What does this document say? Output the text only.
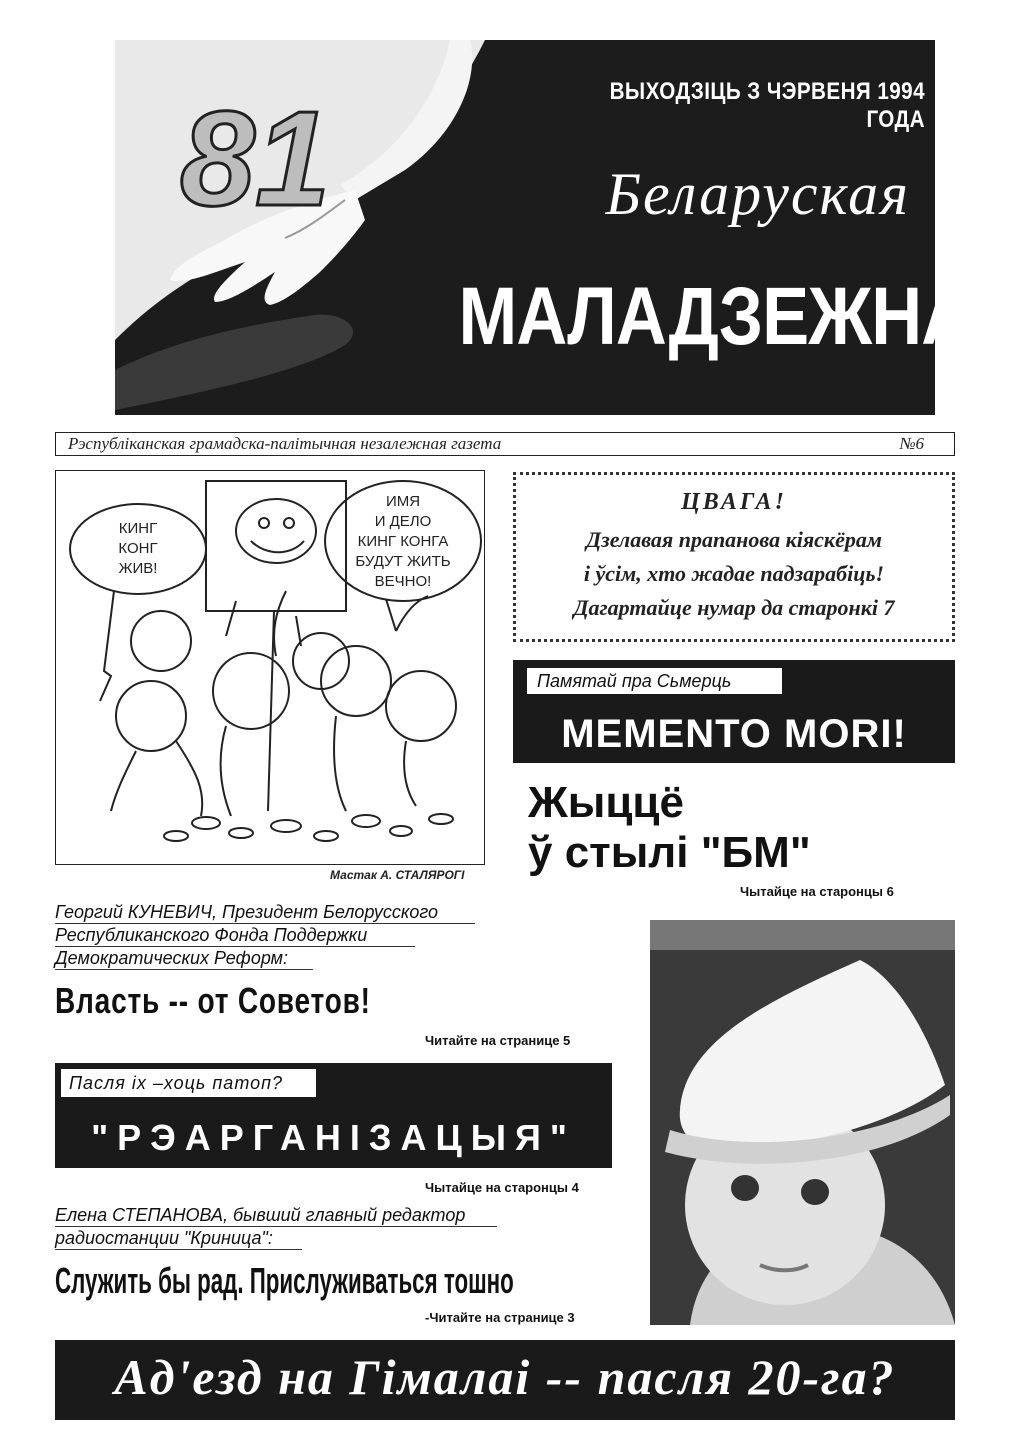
81	ВЫХОДЗІЦЬ З ЧЭРВЕНЯ 1994 ГОДА
Беларуская
МАЛАДЗЕЖНАЯ
Рэспубліканская грамадска-палітычная незалежная газета	№6
КИНГ
КОНГ
ЖИВ!
ИМЯ
И ДЕЛО
КИНГ КОНГА
БУДУТ ЖИТЬ
ВЕЧНО!
Мастак А. СТАЛЯРОГІ
ЦВАГА!
Дзелавая прапанова кіяскёрам
і ўсім, хто жадае падзарабіць!
Дагартайце нумар да старонкі 7
Памятай пра Сьмерць
MEMENTO MORI!
Жыццё
ў стылі "БМ"
Чытайце на старонцы 6
Георгий КУНЕВИЧ, Президент Белорусского
Республиканского Фонда Поддержки
Демократических Реформ:
Власть -- от Советов!
Читайте на странице 5
Пасля іх –хоць патоп?
"РЭАРГАНІЗАЦЫЯ"
Чытайце на старонцы 4
Елена СТЕПАНОВА, бывший главный редактор
радиостанции "Криница":
Служить бы рад. Прислуживаться тошно
-Читайте на странице 3
Ад'езд на Гімалаі -- пасля 20-га?
